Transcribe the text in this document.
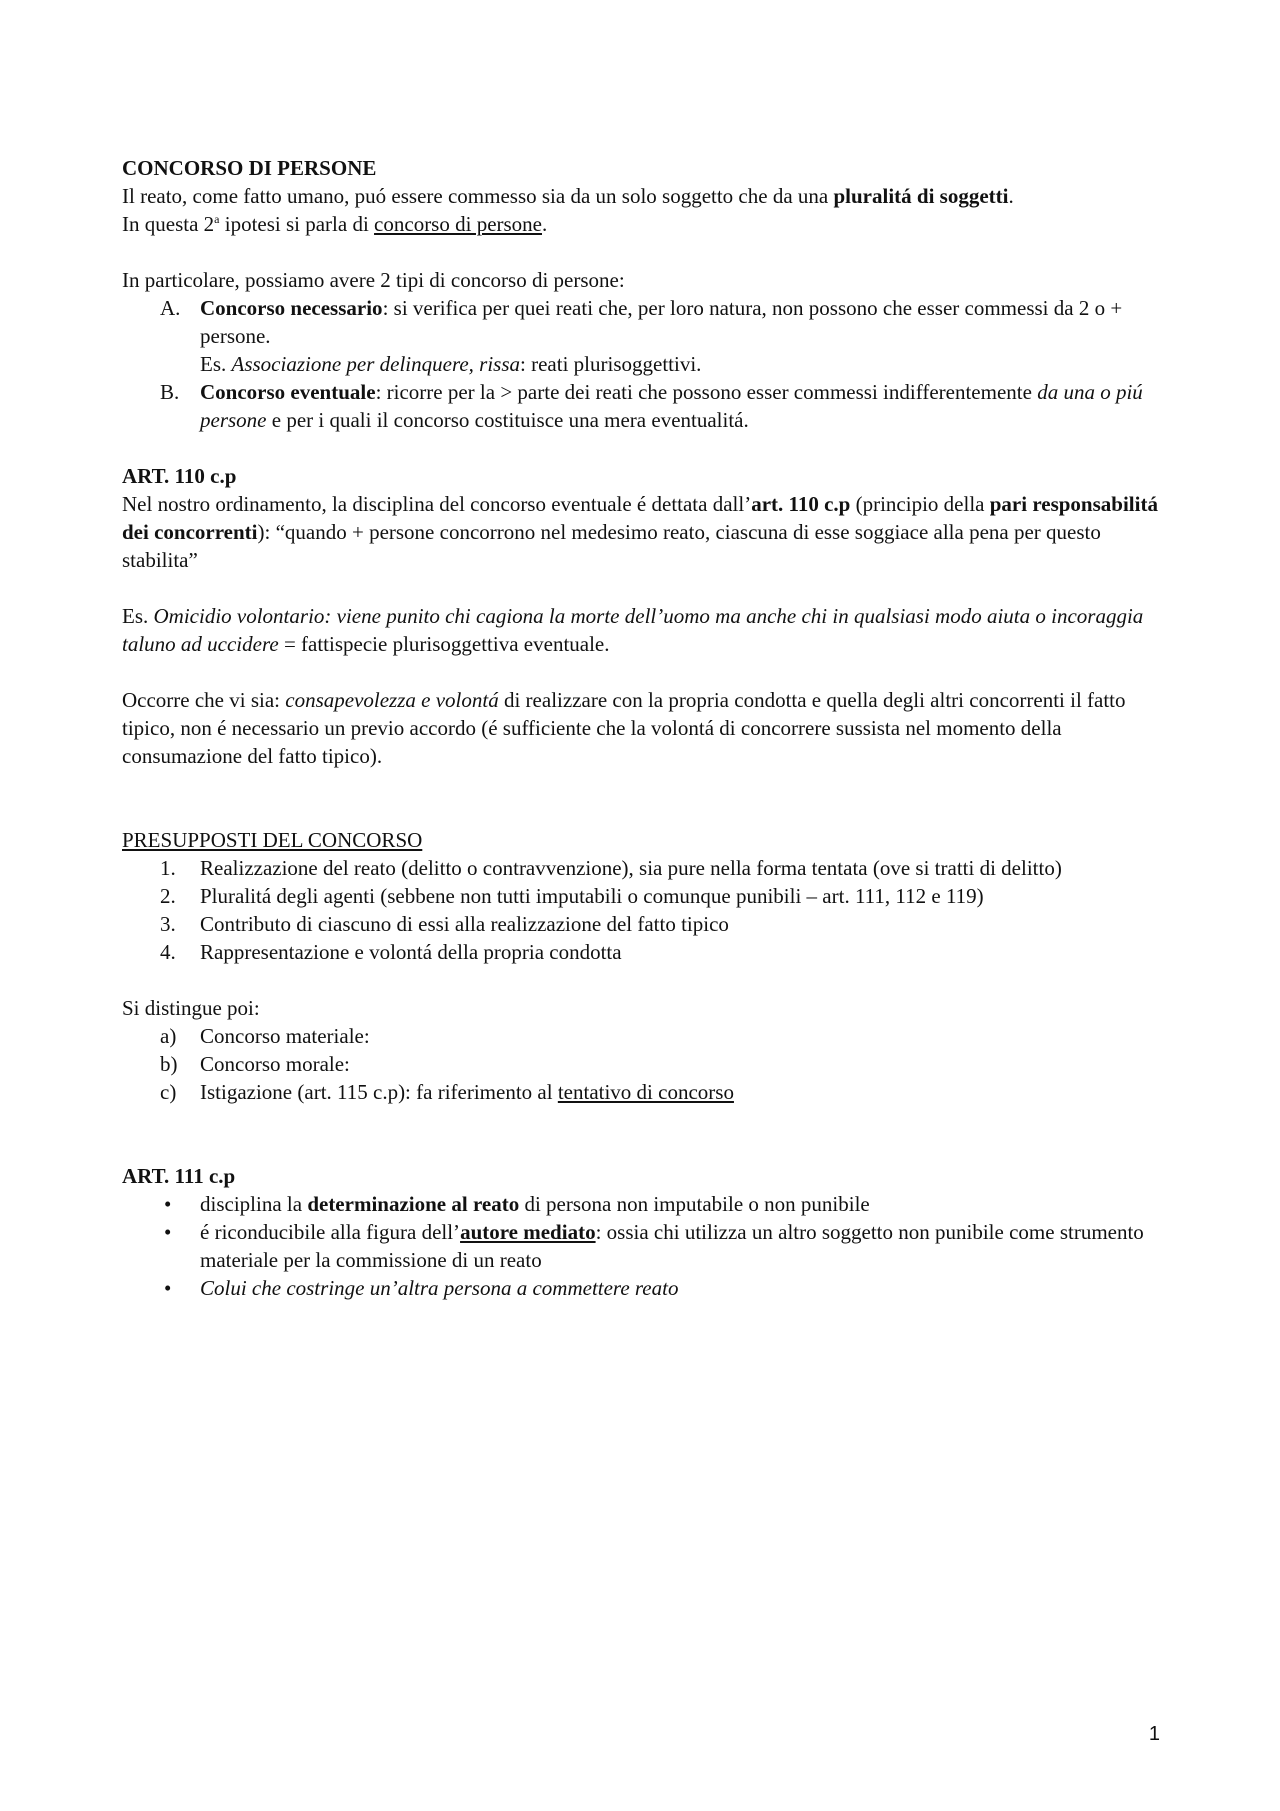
CONCORSO DI PERSONE

Il reato, come fatto umano, puó essere commesso sia da un solo soggetto che da una pluralitá di soggetti.

In questa 2$^a$ ipotesi si parla di concorso di persone.

In particolare, possiamo avere 2 tipi di concorso di persone:

A. Concorso necessario: si verifica per quei reati che, per loro natura, non possono che esser commessi da 2 o + persone.
Es. Associazione per delinquere, rissa: reati plurisoggettivi.
B. Concorso eventuale: ricorre per la > parte dei reati che possono esser commessi indifferentemente da una o piú persone e per i quali il concorso costituisce una mera eventualitá.

ART. 110 c.p

Nel nostro ordinamento, la disciplina del concorso eventuale é dettata dall’art. 110 c.p (principio della pari responsabilitá dei concorrenti): “quando + persone concorrono nel medesimo reato, ciascuna di esse soggiace alla pena per questo stabilita”

Es. Omicidio volontario: viene punito chi cagiona la morte dell’uomo ma anche chi in qualsiasi modo aiuta o incoraggia taluno ad uccidere = fattispecie plurisoggettiva eventuale.

Occorre che vi sia: consapevolezza e volontá di realizzare con la propria condotta e quella degli altri concorrenti il fatto tipico, non é necessario un previo accordo (é sufficiente che la volontá di concorrere sussista nel momento della consumazione del fatto tipico).

PRESUPPOSTI DEL CONCORSO

1.	Realizzazione del reato (delitto o contravvenzione), sia pure nella forma tentata (ove si tratti di delitto)
2.	Pluralitá degli agenti (sebbene non tutti imputabili o comunque punibili – art. 111, 112 e 119)
3.	Contributo di ciascuno di essi alla realizzazione del fatto tipico
4.	Rappresentazione e volontá della propria condotta

Si distingue poi:

a)	Concorso materiale:
b)	Concorso morale:
c)	Istigazione (art. 115 c.p): fa riferimento al tentativo di concorso

ART. 111 c.p

•	disciplina la determinazione al reato di persona non imputabile o non punibile
•	é riconducibile alla figura dell’autore mediato: ossia chi utilizza un altro soggetto non punibile come strumento materiale per la commissione di un reato
•	Colui che costringe un’altra persona a commettere reato
1
